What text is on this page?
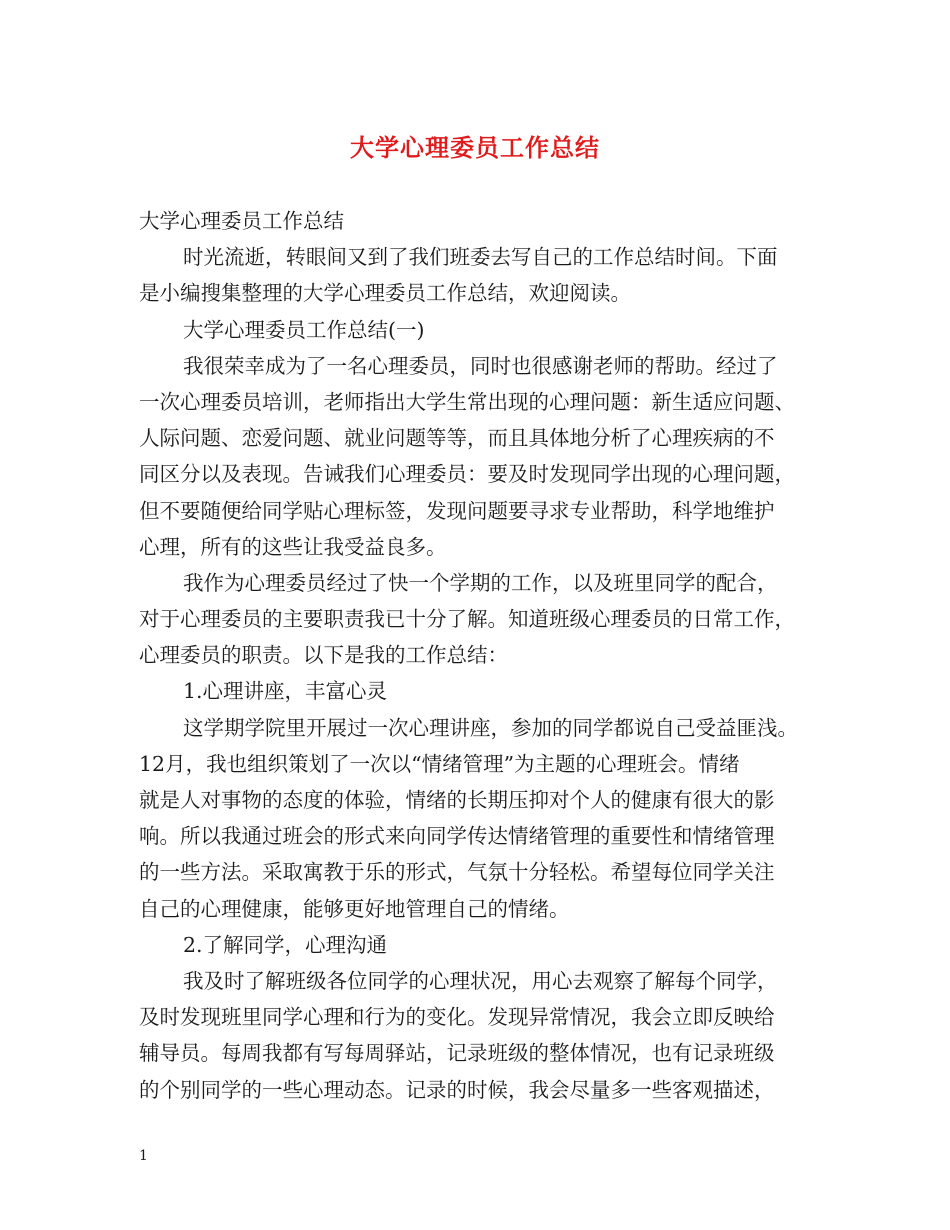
大学心理委员工作总结
大学心理委员工作总结
时光流逝，转眼间又到了我们班委去写自己的工作总结时间。下面
是小编搜集整理的大学心理委员工作总结，欢迎阅读。
大学心理委员工作总结(一)
我很荣幸成为了一名心理委员，同时也很感谢老师的帮助。经过了
一次心理委员培训，老师指出大学生常出现的心理问题：新生适应问题、
人际问题、恋爱问题、就业问题等等，而且具体地分析了心理疾病的不
同区分以及表现。告诫我们心理委员：要及时发现同学出现的心理问题，
但不要随便给同学贴心理标签，发现问题要寻求专业帮助，科学地维护
心理，所有的这些让我受益良多。
我作为心理委员经过了快一个学期的工作，以及班里同学的配合，
对于心理委员的主要职责我已十分了解。知道班级心理委员的日常工作，
心理委员的职责。以下是我的工作总结：
1.心理讲座，丰富心灵
这学期学院里开展过一次心理讲座，参加的同学都说自己受益匪浅。
12月，我也组织策划了一次以“情绪管理”为主题的心理班会。情绪
就是人对事物的态度的体验，情绪的长期压抑对个人的健康有很大的影
响。所以我通过班会的形式来向同学传达情绪管理的重要性和情绪管理
的一些方法。采取寓教于乐的形式，气氛十分轻松。希望每位同学关注
自己的心理健康，能够更好地管理自己的情绪。
2.了解同学，心理沟通
我及时了解班级各位同学的心理状况，用心去观察了解每个同学，
及时发现班里同学心理和行为的变化。发现异常情况，我会立即反映给
辅导员。每周我都有写每周驿站，记录班级的整体情况，也有记录班级
的个别同学的一些心理动态。记录的时候，我会尽量多一些客观描述，
1
